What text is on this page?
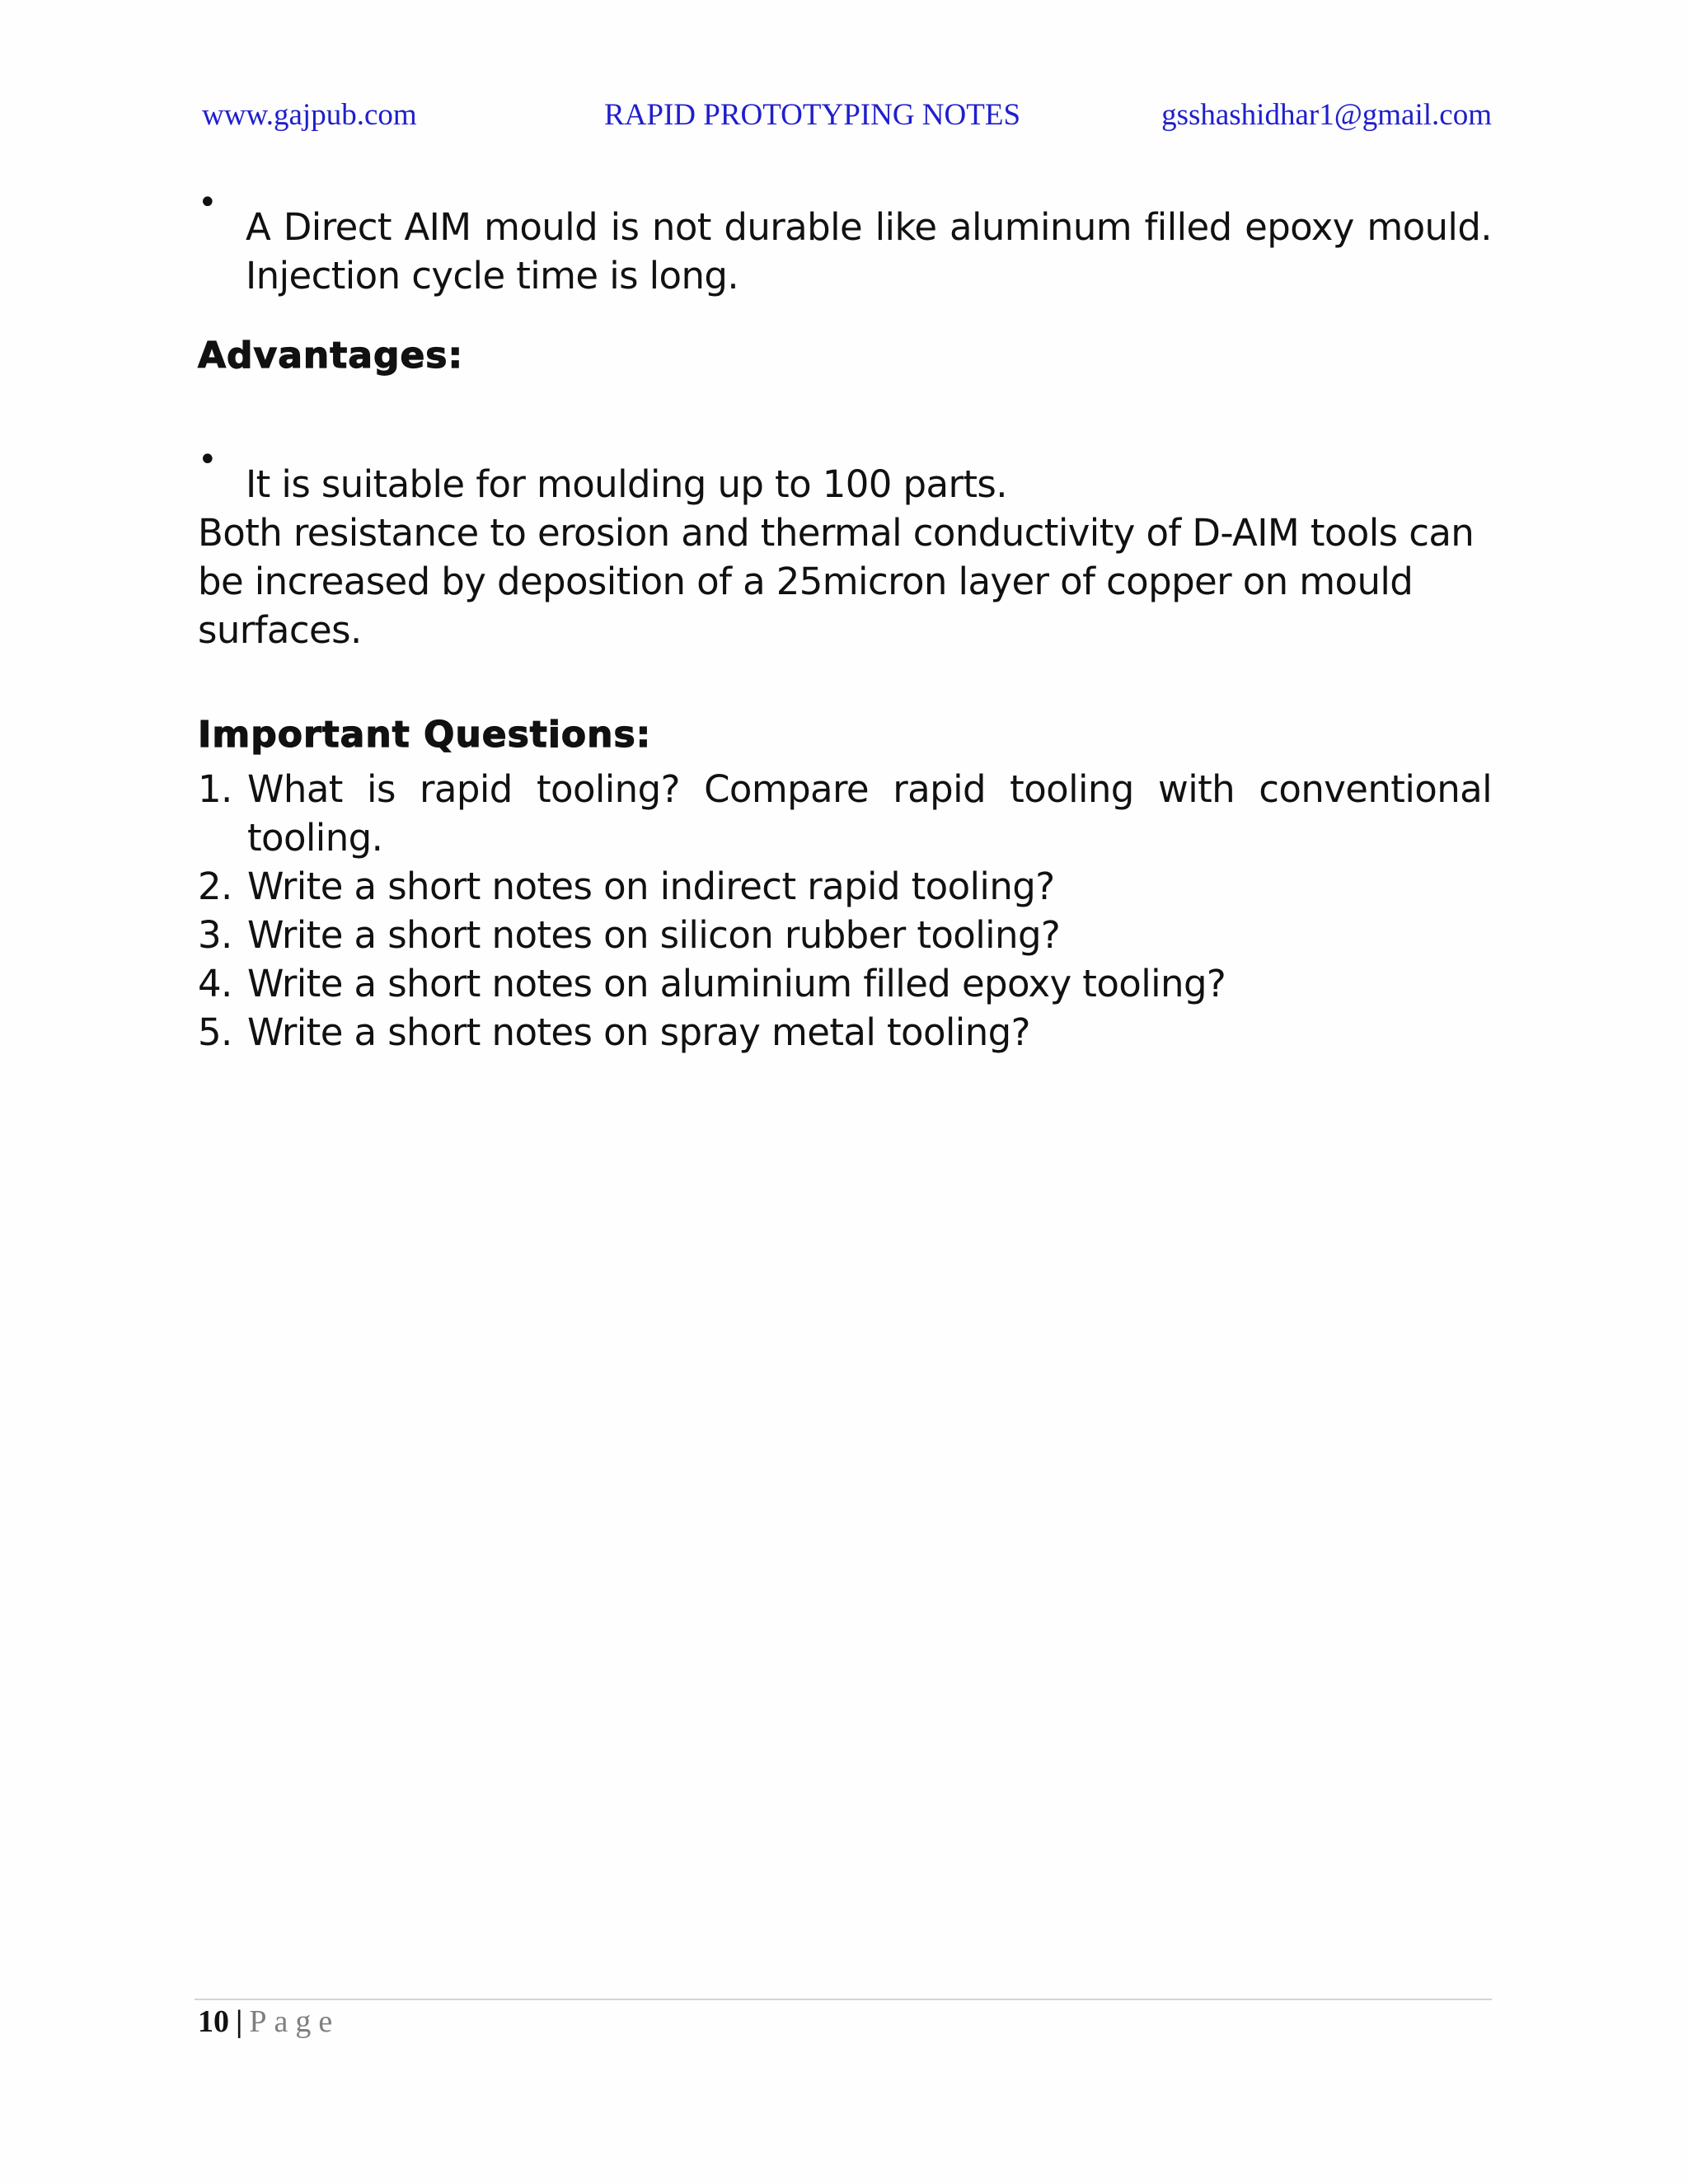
www.gajpub.com	RAPID PROTOTYPING NOTES	gsshashidhar1@gmail.com
•
A Direct AIM mould is not durable like aluminum filled epoxy mould. Injection cycle time is long.
Advantages:
•
It is suitable for moulding up to 100 parts.

Both resistance to erosion and thermal conductivity of D-AIM tools can be increased by deposition of a 25micron layer of copper on mould surfaces.

Important Questions:
1. What is rapid tooling? Compare rapid tooling with conventional tooling.
2. Write a short notes on indirect rapid tooling?
3. Write a short notes on silicon rubber tooling?
4. Write a short notes on aluminium filled epoxy tooling?
5. Write a short notes on spray metal tooling?
10 | Page
